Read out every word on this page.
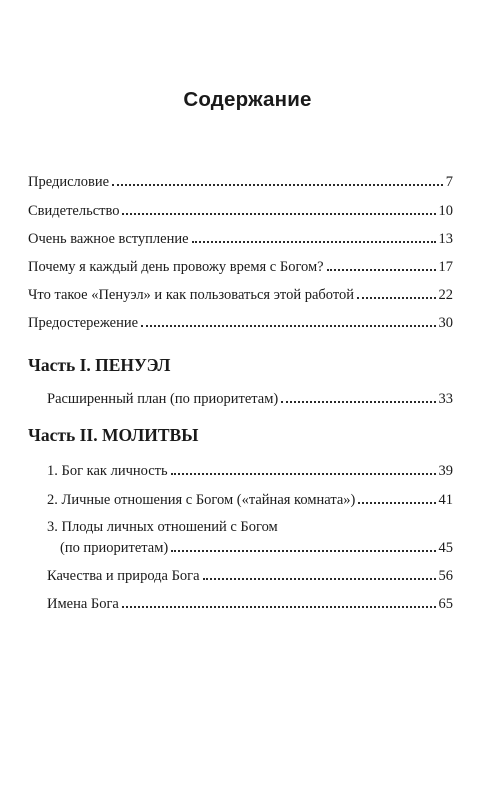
Содержание
Предисловие	7
Свидетельство	10
Очень важное вступление	13
Почему я каждый день провожу время с Богом?	17
Что такое «Пенуэл» и как пользоваться этой работой	22
Предостережение	30
Часть I. ПЕНУЭЛ
Расширенный план (по приоритетам)	33
Часть II. МОЛИТВЫ
1. Бог как личность	39
2. Личные отношения с Богом («тайная комната»)	41
3. Плоды личных отношений с Богом
(по приоритетам)	45
Качества и природа Бога	56
Имена Бога	65
